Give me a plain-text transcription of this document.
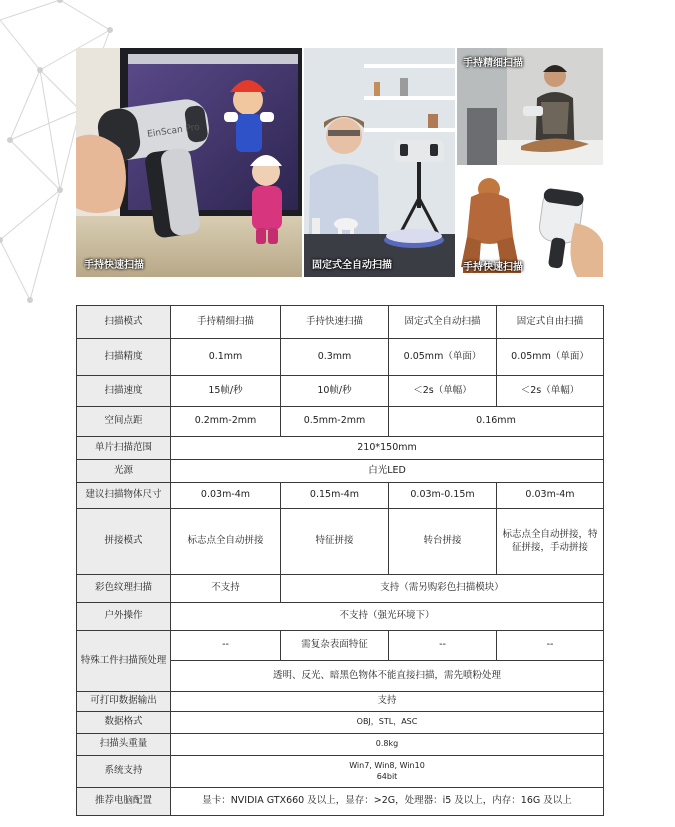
EinScan Pro
手持快速扫描	固定式全自动扫描
手持精细扫描
手持快速扫描
扫描模式	手持精细扫描	手持快速扫描	固定式全自动扫描	固定式自由扫描
扫描精度	0.1mm	0.3mm	0.05mm（单面）	0.05mm（单面）
扫描速度	15帧/秒	10帧/秒	＜2s（单幅）	＜2s（单幅）
空间点距	0.2mm-2mm	0.5mm-2mm	0.16mm	
单片扫描范围	210*150mm			
光源	白光LED			
建议扫描物体尺寸	0.03m-4m	0.15m-4m	0.03m-0.15m	0.03m-4m
拼接模式	标志点全自动拼接	特征拼接	转台拼接	标志点全自动拼接，特征拼接，手动拼接
彩色纹理扫描	不支持	支持（需另购彩色扫描模块）		
户外操作	不支持（强光环境下）			
特殊工件扫描预处理	--	需复杂表面特征	--	--
	透明、反光、暗黑色物体不能直接扫描，需先喷粉处理			
可打印数据输出	支持			
数据格式	OBJ，STL，ASC			
扫描头重量	0.8kg			
系统支持	Win7, Win8, Win10
64bit			

推荐电脑配置	显卡：NVIDIA GTX660 及以上，显存：>2G，处理器：i5 及以上，内存：16G 及以上			
